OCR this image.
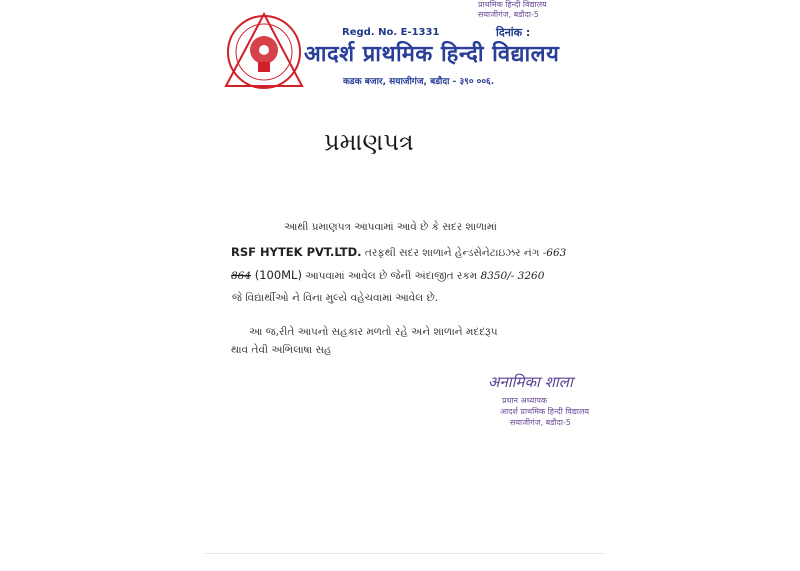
प्राथमिक हिन्दी विद्यालय
सयाजीगंज, बडौदा-5
Regd. No. E-1331	दिनांक :
आदर्श प्राथमिक हिन्दी विद्यालय
कडक बजार, सयाजीगंज, बडौदा - ३९० ००६.
પ્રમાણપત્ર
આથી પ્રમાણપત્ર આપવામાં આવે છે કે સદર શાળામાં
RSF HYTEK PVT.LTD. તરફથી સદર શાળાને હેન્ડસેનેટાઇઝર નંગ -663
864 (100ML) આપવામાં આવેલ છે જેની અંદાજીત રકમ 8350/- 3260
જે વિદ્યાર્થીઓ ને વિના મુલ્યે વહેચવામાં આવેલ છે.
આ જ,રીતે આપનો સહકાર મળતો રહે અને શાળાને મદદરૂપ
થાવ તેવી અભિલાષા સહ
अनामिका शाला
प्रधान अध्यापक
आदर्श प्राथमिक हिन्दी विद्यालय
सयाजीगंज, बडौदा-5
